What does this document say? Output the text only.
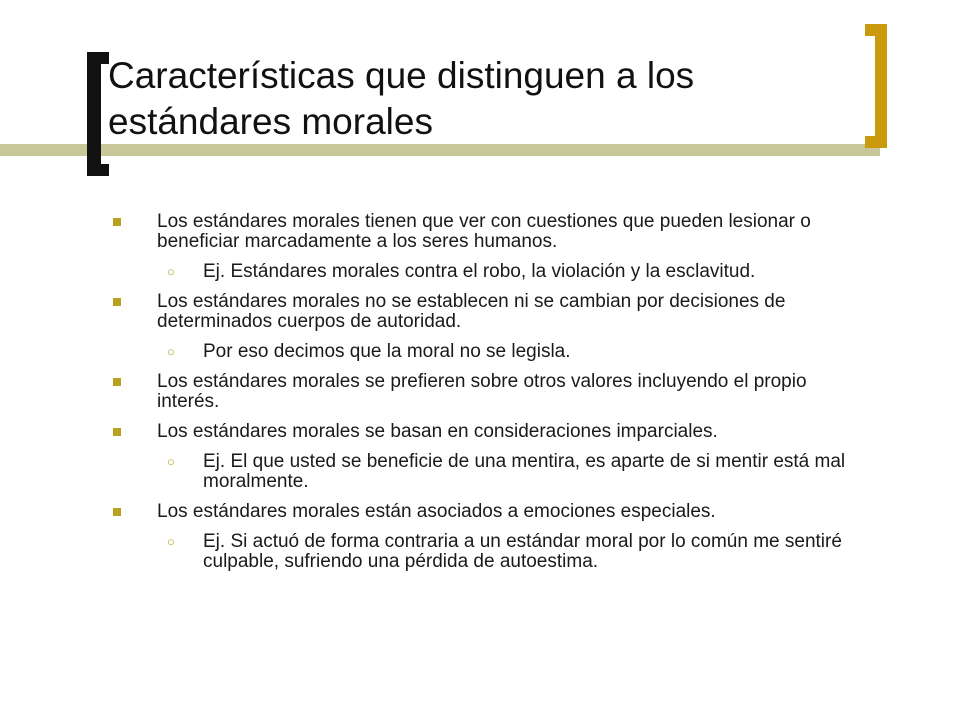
Características que distinguen a los estándares morales
Los estándares morales tienen que ver con cuestiones que pueden lesionar o beneficiar marcadamente a los seres humanos.
○ Ej. Estándares morales contra el robo, la violación y la esclavitud.
Los estándares morales no se establecen ni se cambian por decisiones de determinados cuerpos de autoridad.
○ Por eso decimos que la moral no se legisla.
Los estándares morales se prefieren sobre otros valores incluyendo el propio interés.
Los estándares morales se basan en consideraciones imparciales.
○ Ej. El que usted se beneficie de una mentira, es aparte de si mentir está mal moralmente.
Los estándares morales están asociados a emociones especiales.
○ Ej. Si actuó de forma contraria a un estándar moral por lo común me sentiré culpable, sufriendo una pérdida de autoestima.
